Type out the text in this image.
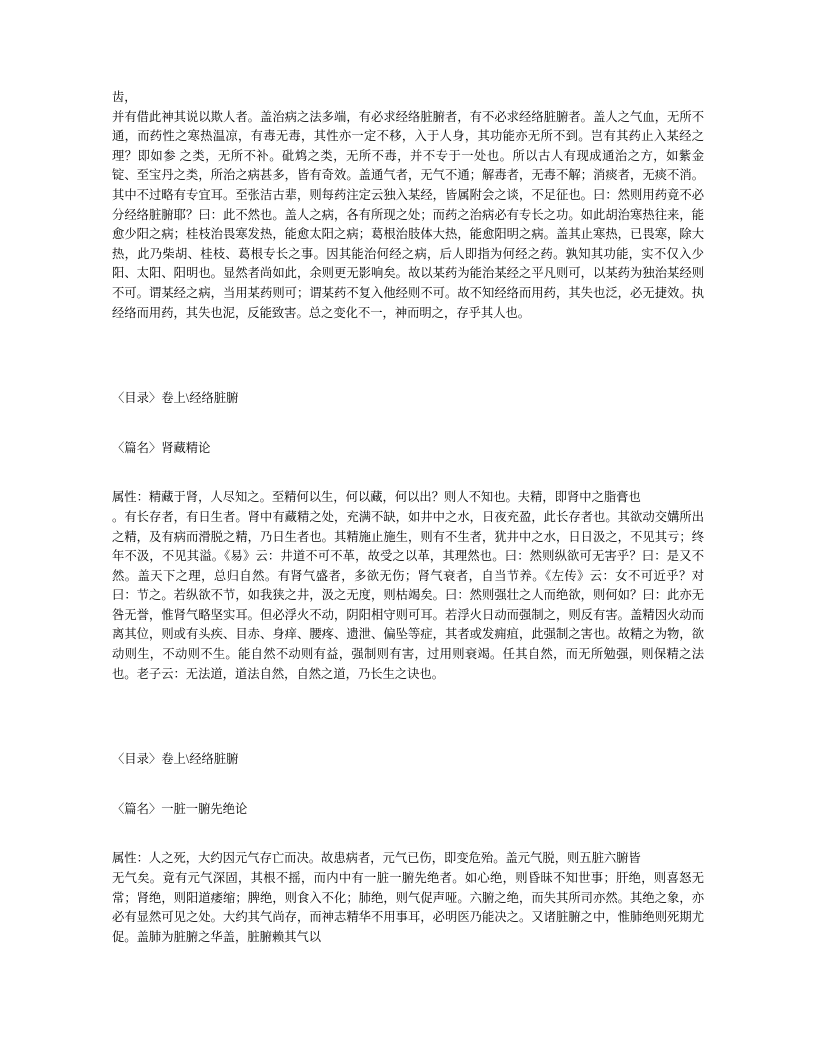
齿，

并有借此神其说以欺人者。盖治病之法多端，有必求经络脏腑者，有不必求经络脏腑者。盖人之气血，无所不通，而药性之寒热温凉，有毒无毒，其性亦一定不移，入于人身，其功能亦无所不到。岂有其药止入某经之理？即如参 之类，无所不补。砒鸩之类，无所不毒，并不专于一处也。所以古人有现成通治之方，如紫金锭、至宝丹之类，所治之病甚多，皆有奇效。盖通气者，无气不通；解毒者，无毒不解；消痰者，无痰不消。其中不过略有专宜耳。至张洁古辈，则每药注定云独入某经，皆属附会之谈，不足征也。曰：然则用药竟不必分经络脏腑耶？曰：此不然也。盖人之病，各有所现之处；而药之治病必有专长之功。如此胡治寒热往来，能愈少阳之病；桂枝治畏寒发热，能愈太阳之病；葛根治肢体大热，能愈阳明之病。盖其止寒热，已畏寒，除大热，此乃柴胡、桂枝、葛根专长之事。因其能治何经之病，后人即指为何经之药。孰知其功能，实不仅入少阳、太阳、阳明也。显然者尚如此，余则更无影响矣。故以某药为能治某经之平凡则可，以某药为独治某经则不可。谓某经之病，当用某药则可；谓某药不复入他经则不可。故不知经络而用药，其失也泛，必无捷效。执经络而用药，其失也泥，反能致害。总之变化不一，神而明之，存乎其人也。

〈目录〉卷上\经络脏腑

〈篇名〉肾藏精论

属性：精藏于肾，人尽知之。至精何以生，何以藏，何以出？则人不知也。夫精，即肾中之脂膏也

。有长存者，有日生者。肾中有藏精之处，充满不缺，如井中之水，日夜充盈，此长存者也。其欲动交媾所出之精，及有病而滑脱之精，乃日生者也。其精施止施生，则有不生者，犹井中之水，日日汲之，不见其亏；终年不汲，不见其溢。《易》云：井道不可不革，故受之以革，其理然也。曰：然则纵欲可无害乎？曰：是又不然。盖天下之理，总归自然。有肾气盛者，多欲无伤；肾气衰者，自当节养。《左传》云：女不可近乎？对曰：节之。若纵欲不节，如我狭之井，汲之无度，则枯竭矣。曰：然则强壮之人而绝欲，则何如？曰：此亦无咎无誉，惟肾气略坚实耳。但必浮火不动，阴阳相守则可耳。若浮火日动而强制之，则反有害。盖精因火动而离其位，则或有头疾、目赤、身痒、腰疼、遗泄、偏坠等症，其者或发痈疽，此强制之害也。故精之为物，欲动则生，不动则不生。能自然不动则有益，强制则有害，过用则衰竭。任其自然，而无所勉强，则保精之法也。老子云：无法道，道法自然，自然之道，乃长生之诀也。

〈目录〉卷上\经络脏腑

〈篇名〉一脏一腑先绝论

属性：人之死，大约因元气存亡而决。故患病者，元气已伤，即变危殆。盖元气脱，则五脏六腑皆

无气矣。竟有元气深固，其根不摇，而内中有一脏一腑先绝者。如心绝，则昏昧不知世事；肝绝，则喜怒无常；肾绝，则阳道痿缩；脾绝，则食入不化；肺绝，则气促声哑。六腑之绝，而失其所司亦然。其绝之象，亦必有显然可见之处。大约其气尚存，而神志精华不用事耳，必明医乃能决之。又诸脏腑之中，惟肺绝则死期尤促。盖肺为脏腑之华盖，脏腑赖其气以
